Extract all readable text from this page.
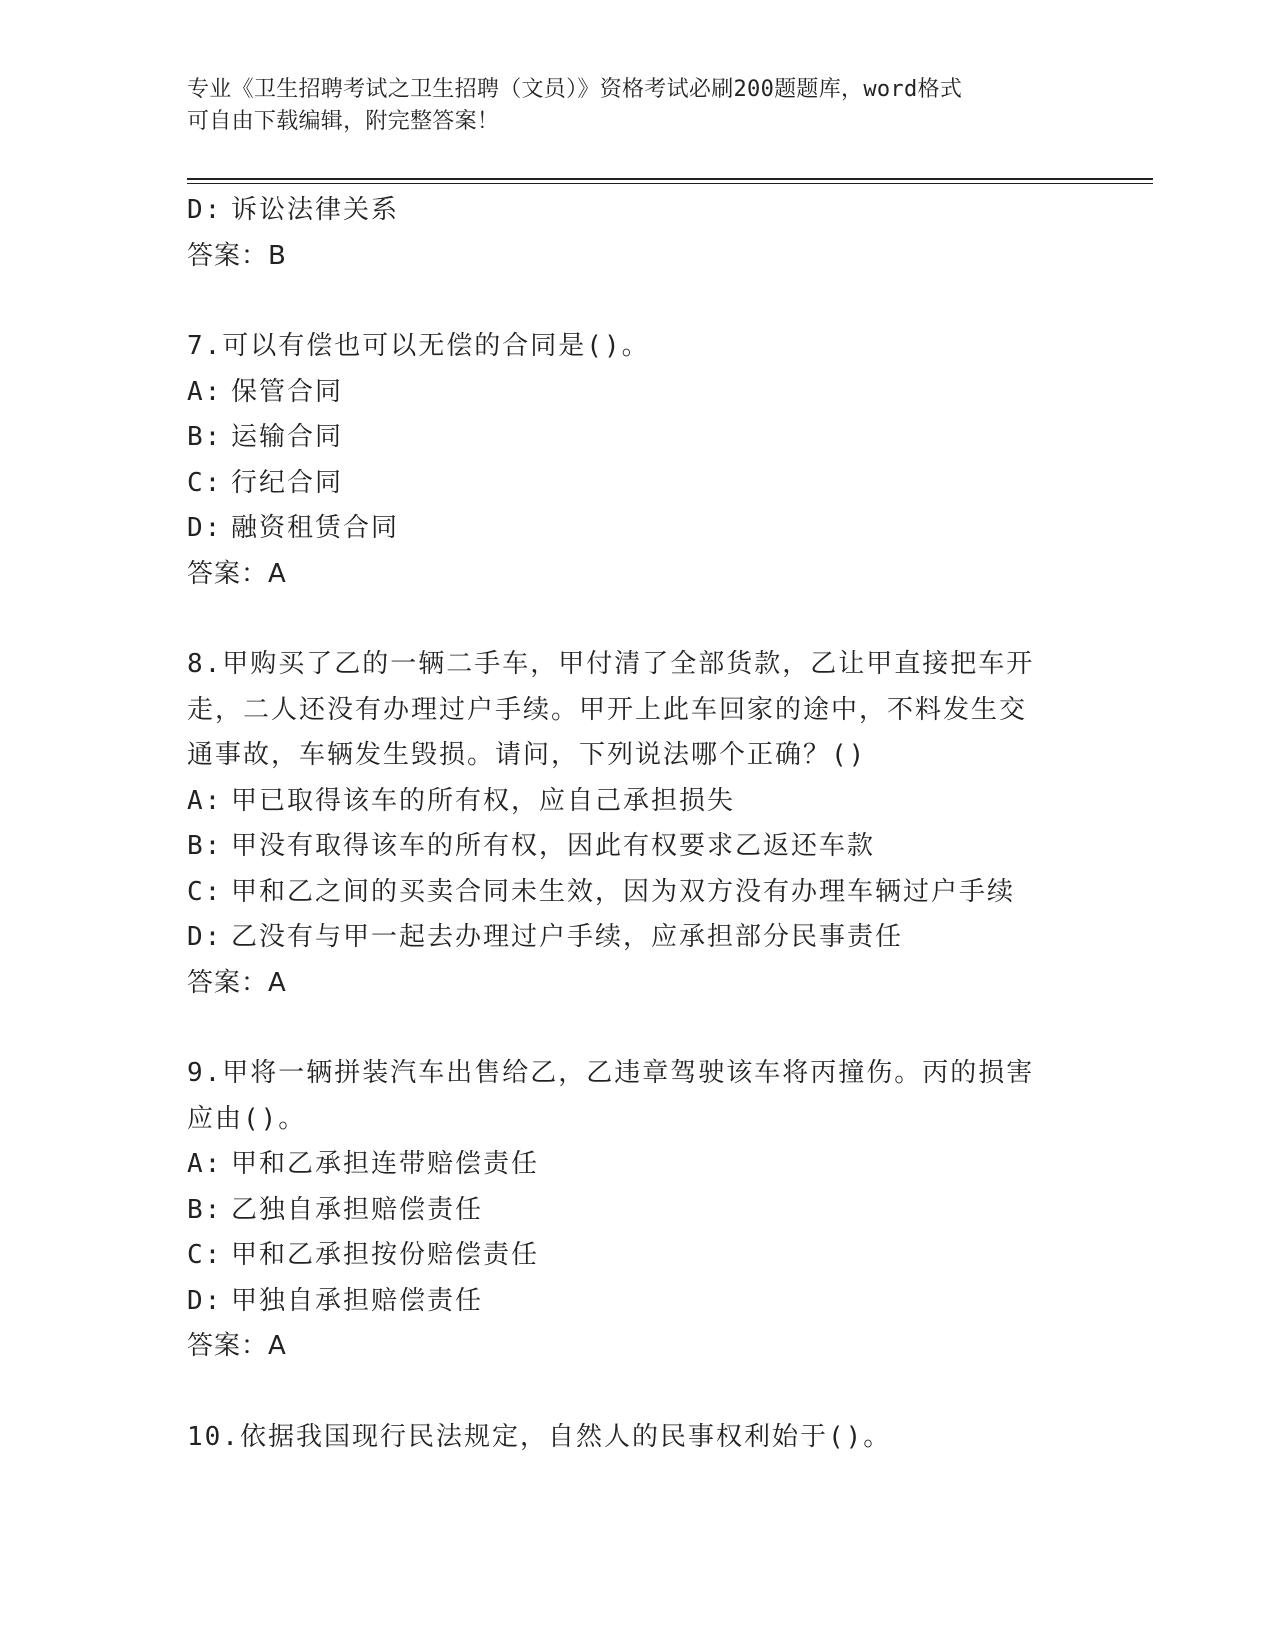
专业《卫生招聘考试之卫生招聘（文员）》资格考试必刷200题题库，word格式
可自由下载编辑，附完整答案！
D: 诉讼法律关系
答案：B
7.可以有偿也可以无偿的合同是()。
A: 保管合同
B: 运输合同
C: 行纪合同
D: 融资租赁合同
答案：A
8.甲购买了乙的一辆二手车，甲付清了全部货款，乙让甲直接把车开
走，二人还没有办理过户手续。甲开上此车回家的途中，不料发生交
通事故，车辆发生毁损。请问，下列说法哪个正确？()
A: 甲已取得该车的所有权，应自己承担损失
B: 甲没有取得该车的所有权，因此有权要求乙返还车款
C: 甲和乙之间的买卖合同未生效，因为双方没有办理车辆过户手续
D: 乙没有与甲一起去办理过户手续，应承担部分民事责任
答案：A
9.甲将一辆拼装汽车出售给乙，乙违章驾驶该车将丙撞伤。丙的损害
应由()。
A: 甲和乙承担连带赔偿责任
B: 乙独自承担赔偿责任
C: 甲和乙承担按份赔偿责任
D: 甲独自承担赔偿责任
答案：A
10.依据我国现行民法规定，自然人的民事权利始于()。
